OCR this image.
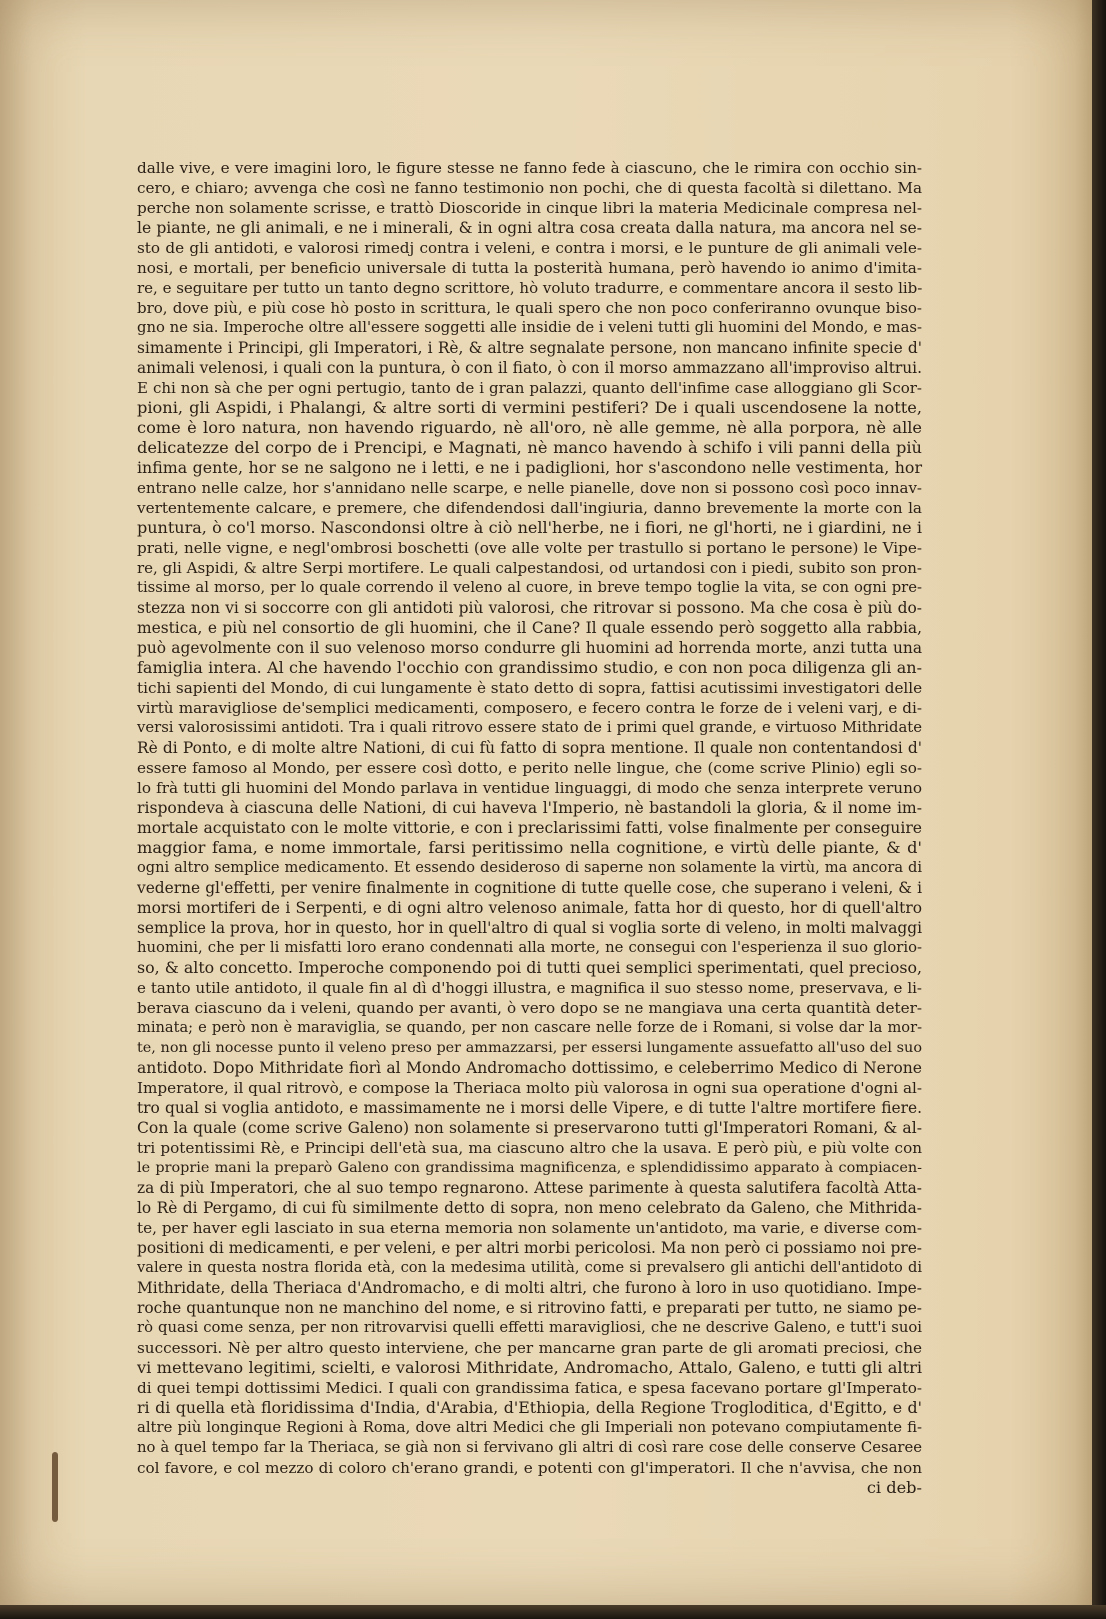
dalle vive, e vere imagini loro, le figure stesse ne fanno fede à ciascuno, che le rimira con occhio sin-
cero, e chiaro; avvenga che così ne fanno testimonio non pochi, che di questa facoltà si dilettano. Ma
perche non solamente scrisse, e trattò Dioscoride in cinque libri la materia Medicinale compresa nel-
le piante, ne gli animali, e ne i minerali, & in ogni altra cosa creata dalla natura, ma ancora nel se-
sto de gli antidoti, e valorosi rimedj contra i veleni, e contra i morsi, e le punture de gli animali vele-
nosi, e mortali, per beneficio universale di tutta la posterità humana, però havendo io animo d'imita-
re, e seguitare per tutto un tanto degno scrittore, hò voluto tradurre, e commentare ancora il sesto lib-
bro, dove più, e più cose hò posto in scrittura, le quali spero che non poco conferiranno ovunque biso-
gno ne sia. Imperoche oltre all'essere soggetti alle insidie de i veleni tutti gli huomini del Mondo, e mas-
simamente i Principi, gli Imperatori, i Rè, & altre segnalate persone, non mancano infinite specie d'
animali velenosi, i quali con la puntura, ò con il fiato, ò con il morso ammazzano all'improviso altrui.
E chi non sà che per ogni pertugio, tanto de i gran palazzi, quanto dell'infime case alloggiano gli Scor-
pioni, gli Aspidi, i Phalangi, & altre sorti di vermini pestiferi? De i quali uscendosene la notte,
come è loro natura, non havendo riguardo, nè all'oro, nè alle gemme, nè alla porpora, nè alle
delicatezze del corpo de i Prencipi, e Magnati, nè manco havendo à schifo i vili panni della più
infima gente, hor se ne salgono ne i letti, e ne i padiglioni, hor s'ascondono nelle vestimenta, hor
entrano nelle calze, hor s'annidano nelle scarpe, e nelle pianelle, dove non si possono così poco innav-
vertentemente calcare, e premere, che difendendosi dall'ingiuria, danno brevemente la morte con la
puntura, ò co'l morso. Nascondonsi oltre à ciò nell'herbe, ne i fiori, ne gl'horti, ne i giardini, ne i
prati, nelle vigne, e negl'ombrosi boschetti (ove alle volte per trastullo si portano le persone) le Vipe-
re, gli Aspidi, & altre Serpi mortifere. Le quali calpestandosi, od urtandosi con i piedi, subito son pron-
tissime al morso, per lo quale correndo il veleno al cuore, in breve tempo toglie la vita, se con ogni pre-
stezza non vi si soccorre con gli antidoti più valorosi, che ritrovar si possono. Ma che cosa è più do-
mestica, e più nel consortio de gli huomini, che il Cane? Il quale essendo però soggetto alla rabbia,
può agevolmente con il suo velenoso morso condurre gli huomini ad horrenda morte, anzi tutta una
famiglia intera. Al che havendo l'occhio con grandissimo studio, e con non poca diligenza gli an-
tichi sapienti del Mondo, di cui lungamente è stato detto di sopra, fattisi acutissimi investigatori delle
virtù maravigliose de'semplici medicamenti, composero, e fecero contra le forze de i veleni varj, e di-
versi valorosissimi antidoti. Tra i quali ritrovo essere stato de i primi quel grande, e virtuoso Mithridate
Rè di Ponto, e di molte altre Nationi, di cui fù fatto di sopra mentione. Il quale non contentandosi d'
essere famoso al Mondo, per essere così dotto, e perito nelle lingue, che (come scrive Plinio) egli so-
lo frà tutti gli huomini del Mondo parlava in ventidue linguaggi, di modo che senza interprete veruno
rispondeva à ciascuna delle Nationi, di cui haveva l'Imperio, nè bastandoli la gloria, & il nome im-
mortale acquistato con le molte vittorie, e con i preclarissimi fatti, volse finalmente per conseguire
maggior fama, e nome immortale, farsi peritissimo nella cognitione, e virtù delle piante, & d'
ogni altro semplice medicamento. Et essendo desideroso di saperne non solamente la virtù, ma ancora di
vederne gl'effetti, per venire finalmente in cognitione di tutte quelle cose, che superano i veleni, & i
morsi mortiferi de i Serpenti, e di ogni altro velenoso animale, fatta hor di questo, hor di quell'altro
semplice la prova, hor in questo, hor in quell'altro di qual si voglia sorte di veleno, in molti malvaggi
huomini, che per li misfatti loro erano condennati alla morte, ne consegui con l'esperienza il suo glorio-
so, & alto concetto. Imperoche componendo poi di tutti quei semplici sperimentati, quel precioso,
e tanto utile antidoto, il quale fin al dì d'hoggi illustra, e magnifica il suo stesso nome, preservava, e li-
berava ciascuno da i veleni, quando per avanti, ò vero dopo se ne mangiava una certa quantità deter-
minata; e però non è maraviglia, se quando, per non cascare nelle forze de i Romani, si volse dar la mor-
te, non gli nocesse punto il veleno preso per ammazzarsi, per essersi lungamente assuefatto all'uso del suo
antidoto. Dopo Mithridate fiorì al Mondo Andromacho dottissimo, e celeberrimo Medico di Nerone
Imperatore, il qual ritrovò, e compose la Theriaca molto più valorosa in ogni sua operatione d'ogni al-
tro qual si voglia antidoto, e massimamente ne i morsi delle Vipere, e di tutte l'altre mortifere fiere.
Con la quale (come scrive Galeno) non solamente si preservarono tutti gl'Imperatori Romani, & al-
tri potentissimi Rè, e Principi dell'età sua, ma ciascuno altro che la usava. E però più, e più volte con
le proprie mani la preparò Galeno con grandissima magnificenza, e splendidissimo apparato à compiacen-
za di più Imperatori, che al suo tempo regnarono. Attese parimente à questa salutifera facoltà Atta-
lo Rè di Pergamo, di cui fù similmente detto di sopra, non meno celebrato da Galeno, che Mithrida-
te, per haver egli lasciato in sua eterna memoria non solamente un'antidoto, ma varie, e diverse com-
positioni di medicamenti, e per veleni, e per altri morbi pericolosi. Ma non però ci possiamo noi pre-
valere in questa nostra florida età, con la medesima utilità, come si prevalsero gli antichi dell'antidoto di
Mithridate, della Theriaca d'Andromacho, e di molti altri, che furono à loro in uso quotidiano. Impe-
roche quantunque non ne manchino del nome, e si ritrovino fatti, e preparati per tutto, ne siamo pe-
rò quasi come senza, per non ritrovarvisi quelli effetti maravigliosi, che ne descrive Galeno, e tutt'i suoi
successori. Nè per altro questo interviene, che per mancarne gran parte de gli aromati preciosi, che
vi mettevano legitimi, scielti, e valorosi Mithridate, Andromacho, Attalo, Galeno, e tutti gli altri
di quei tempi dottissimi Medici. I quali con grandissima fatica, e spesa facevano portare gl'Imperato-
ri di quella età floridissima d'India, d'Arabia, d'Ethiopia, della Regione Trogloditica, d'Egitto, e d'
altre più longinque Regioni à Roma, dove altri Medici che gli Imperiali non potevano compiutamente fi-
no à quel tempo far la Theriaca, se già non si fervivano gli altri di così rare cose delle conserve Cesaree
col favore, e col mezzo di coloro ch'erano grandi, e potenti con gl'imperatori. Il che n'avvisa, che non
ci deb-
